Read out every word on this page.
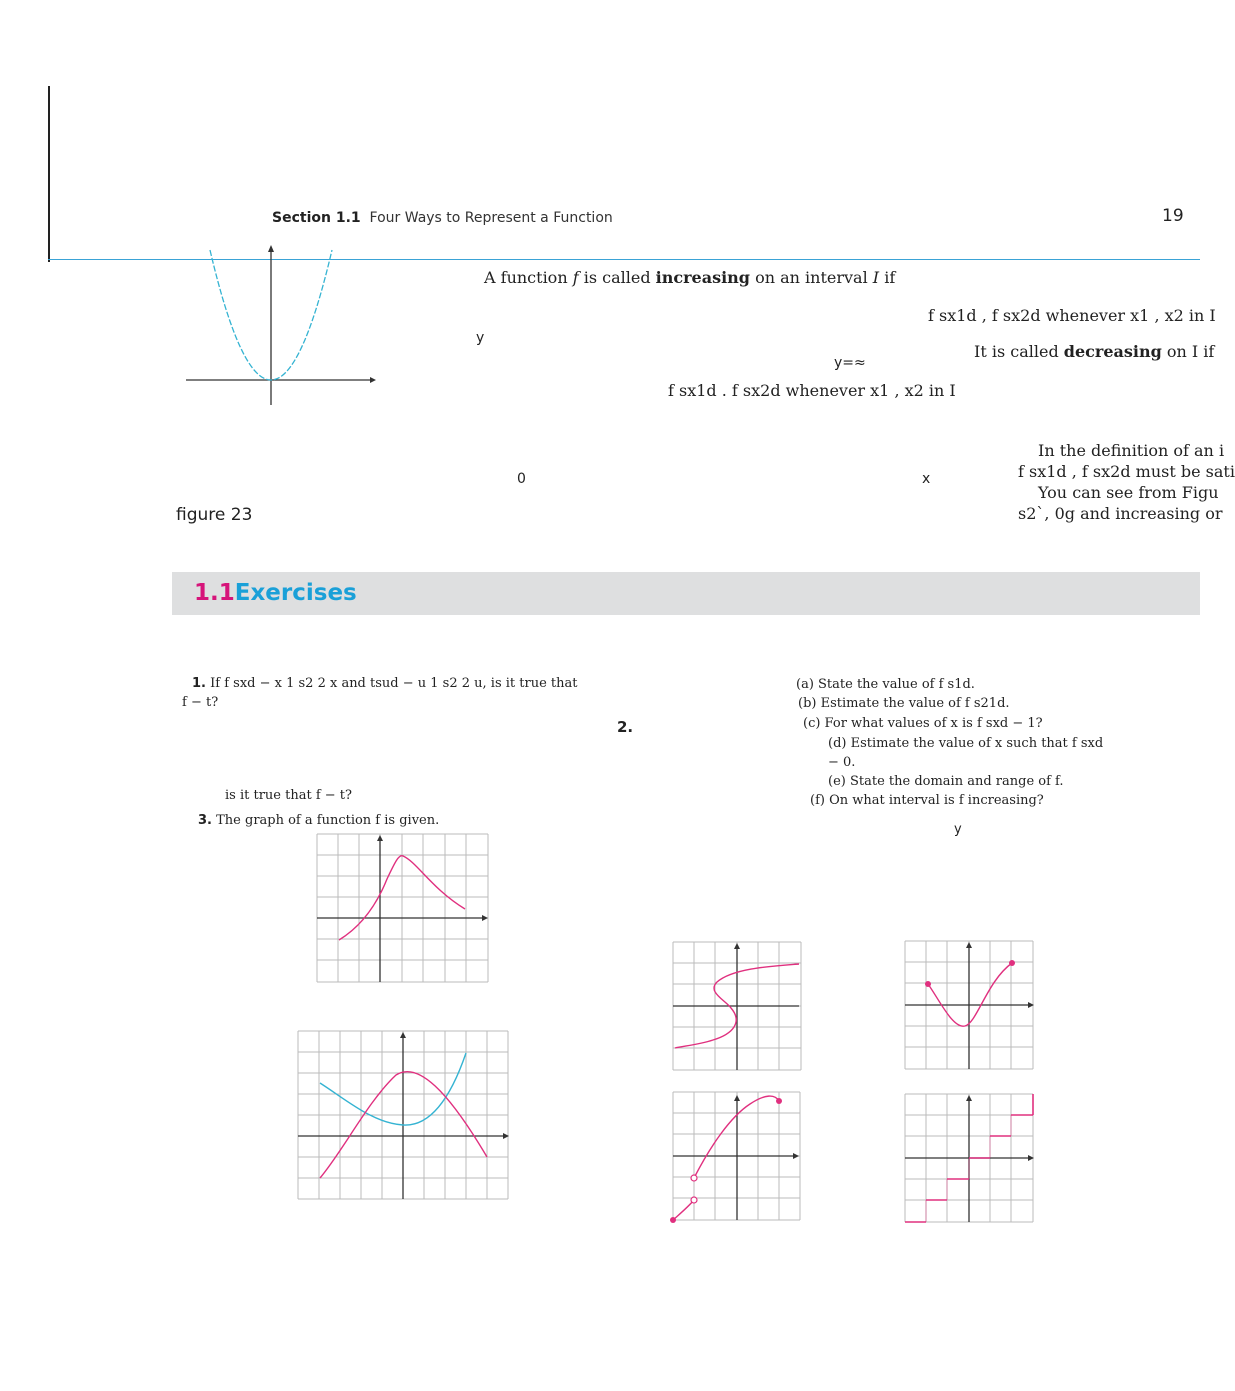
Section 1.1 Four Ways to Represent a Function	19
figure 23
A function f is called increasing on an interval I if
f sx1d , f sx2d whenever x1 , x2 in I
It is called decreasing on I if
f sx1d . f sx2d whenever x1 , x2 in I
y
y=≈
0	x
In the definition of an i
f sx1d , f sx2d must be sati
You can see from Figu
s2`, 0g and increasing or
1.1Exercises
1. If f sxd − x 1 s2 2 x and tsud − u 1 s2 2 u, is it true that
f − t?
is it true that f − t?
3. The graph of a function f is given.
2.
(a) State the value of f s1d.
(b) Estimate the value of f s21d.
(c) For what values of x is f sxd − 1?
(d) Estimate the value of x such that f sxd
− 0.
(e) State the domain and range of f.
(f) On what interval is f increasing?
y
